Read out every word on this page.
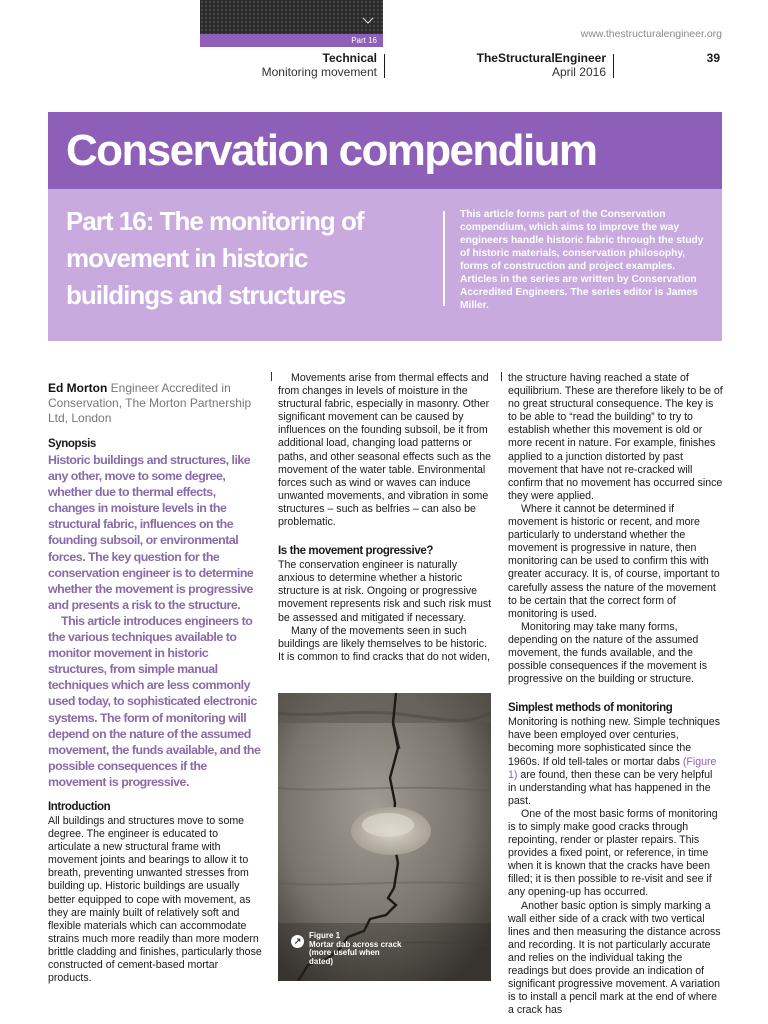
Part 16
www.thestructuralengineer.org
Technical
Monitoring movement
TheStructuralEngineer
April 2016
39
Conservation compendium
Part 16: The monitoring of movement in historic buildings and structures

This article forms part of the Conservation compendium, which aims to improve the way engineers handle historic fabric through the study of historic materials, conservation philosophy, forms of construction and project examples. Articles in the series are written by Conservation Accredited Engineers. The series editor is James Miller.

Ed Morton Engineer Accredited in Conservation, The Morton Partnership Ltd, London
Synopsis

Historic buildings and structures, like any other, move to some degree, whether due to thermal effects, changes in moisture levels in the structural fabric, influences on the founding subsoil, or environmental forces. The key question for the conservation engineer is to determine whether the movement is progressive and presents a risk to the structure.

This article introduces engineers to the various techniques available to monitor movement in historic structures, from simple manual techniques which are less commonly used today, to sophisticated electronic systems. The form of monitoring will depend on the nature of the assumed movement, the funds available, and the possible consequences if the movement is progressive.

Introduction

All buildings and structures move to some degree. The engineer is educated to articulate a new structural frame with movement joints and bearings to allow it to breath, preventing unwanted stresses from building up. Historic buildings are usually better equipped to cope with movement, as they are mainly built of relatively soft and flexible materials which can accommodate strains much more readily than more modern brittle cladding and finishes, particularly those constructed of cement-based mortar products.

Movements arise from thermal effects and from changes in levels of moisture in the structural fabric, especially in masonry. Other significant movement can be caused by influences on the founding subsoil, be it from additional load, changing load patterns or paths, and other seasonal effects such as the movement of the water table. Environmental forces such as wind or waves can induce unwanted movements, and vibration in some structures – such as belfries – can also be problematic.

Is the movement progressive?

The conservation engineer is naturally anxious to determine whether a historic structure is at risk. Ongoing or progressive movement represents risk and such risk must be assessed and mitigated if necessary.

Many of the movements seen in such buildings are likely themselves to be historic. It is common to find cracks that do not widen,

↗
Figure 1
Mortar dab across crack (more useful when dated)

the structure having reached a state of equilibrium. These are therefore likely to be of no great structural consequence. The key is to be able to “read the building” to try to establish whether this movement is old or more recent in nature. For example, finishes applied to a junction distorted by past movement that have not re-cracked will confirm that no movement has occurred since they were applied.

Where it cannot be determined if movement is historic or recent, and more particularly to understand whether the movement is progressive in nature, then monitoring can be used to confirm this with greater accuracy. It is, of course, important to carefully assess the nature of the movement to be certain that the correct form of monitoring is used.

Monitoring may take many forms, depending on the nature of the assumed movement, the funds available, and the possible consequences if the movement is progressive on the building or structure.

Simplest methods of monitoring

Monitoring is nothing new. Simple techniques have been employed over centuries, becoming more sophisticated since the 1960s. If old tell-tales or mortar dabs (Figure 1) are found, then these can be very helpful in understanding what has happened in the past.

One of the most basic forms of monitoring is to simply make good cracks through repointing, render or plaster repairs. This provides a fixed point, or reference, in time when it is known that the cracks have been filled; it is then possible to re-visit and see if any opening-up has occurred.

Another basic option is simply marking a wall either side of a crack with two vertical lines and then measuring the distance across and recording. It is not particularly accurate and relies on the individual taking the readings but does provide an indication of significant progressive movement. A variation is to install a pencil mark at the end of where a crack has
